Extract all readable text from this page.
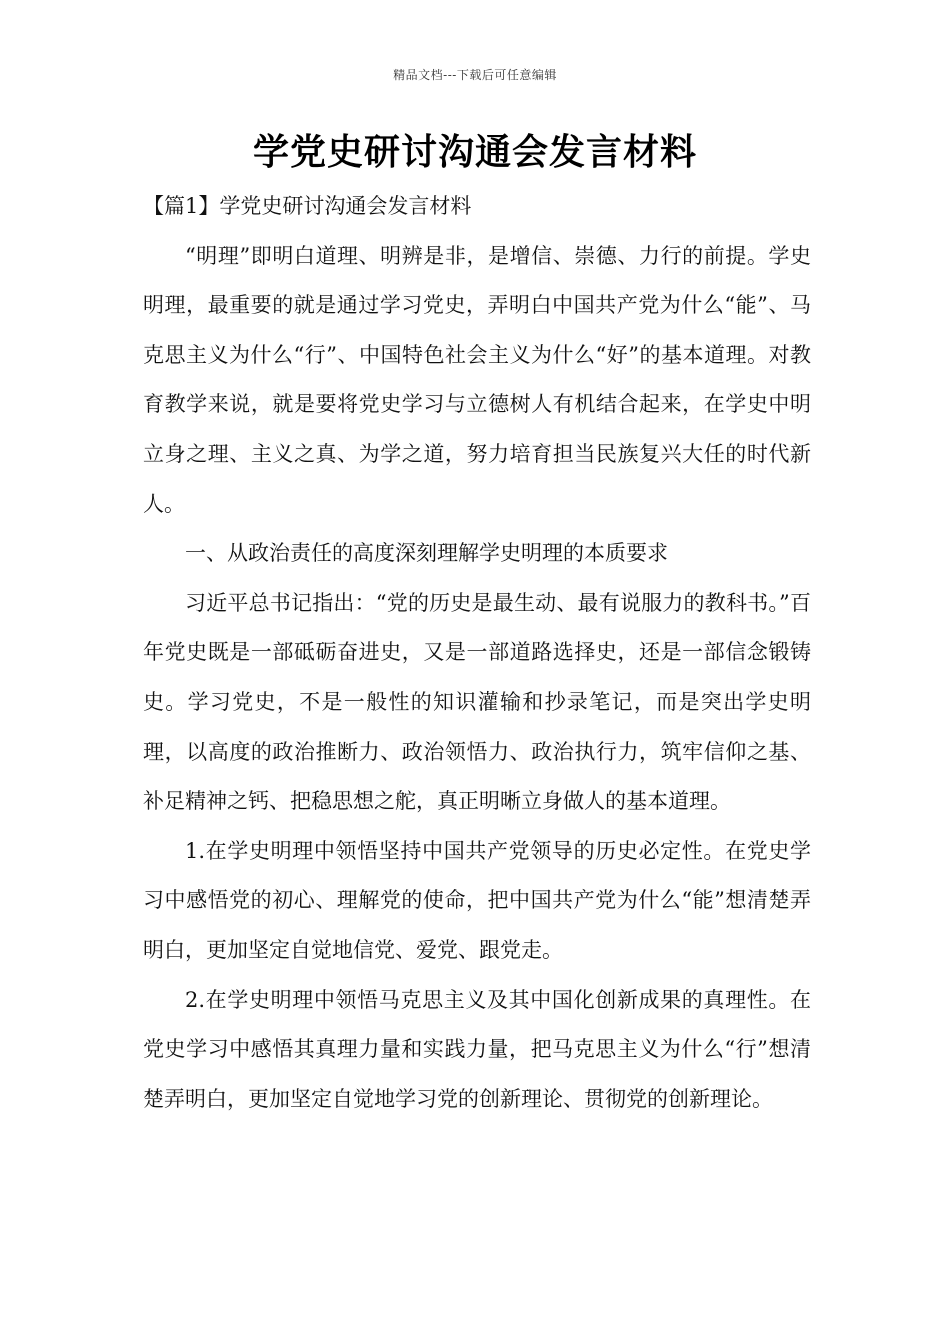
精品文档---下载后可任意编辑
学党史研讨沟通会发言材料

【篇1】学党史研讨沟通会发言材料

“明理”即明白道理、明辨是非，是增信、崇德、力行的前提。学史明理，最重要的就是通过学习党史，弄明白中国共产党为什么“能”、马克思主义为什么“行”、中国特色社会主义为什么“好”的基本道理。对教育教学来说，就是要将党史学习与立德树人有机结合起来，在学史中明立身之理、主义之真、为学之道，努力培育担当民族复兴大任的时代新人。

一、从政治责任的高度深刻理解学史明理的本质要求

习近平总书记指出：“党的历史是最生动、最有说服力的教科书。”百年党史既是一部砥砺奋进史，又是一部道路选择史，还是一部信念锻铸史。学习党史，不是一般性的知识灌输和抄录笔记，而是突出学史明理，以高度的政治推断力、政治领悟力、政治执行力，筑牢信仰之基、补足精神之钙、把稳思想之舵，真正明晰立身做人的基本道理。

1.在学史明理中领悟坚持中国共产党领导的历史必定性。在党史学习中感悟党的初心、理解党的使命，把中国共产党为什么“能”想清楚弄明白，更加坚定自觉地信党、爱党、跟党走。

2.在学史明理中领悟马克思主义及其中国化创新成果的真理性。在党史学习中感悟其真理力量和实践力量，把马克思主义为什么“行”想清楚弄明白，更加坚定自觉地学习党的创新理论、贯彻党的创新理论。
